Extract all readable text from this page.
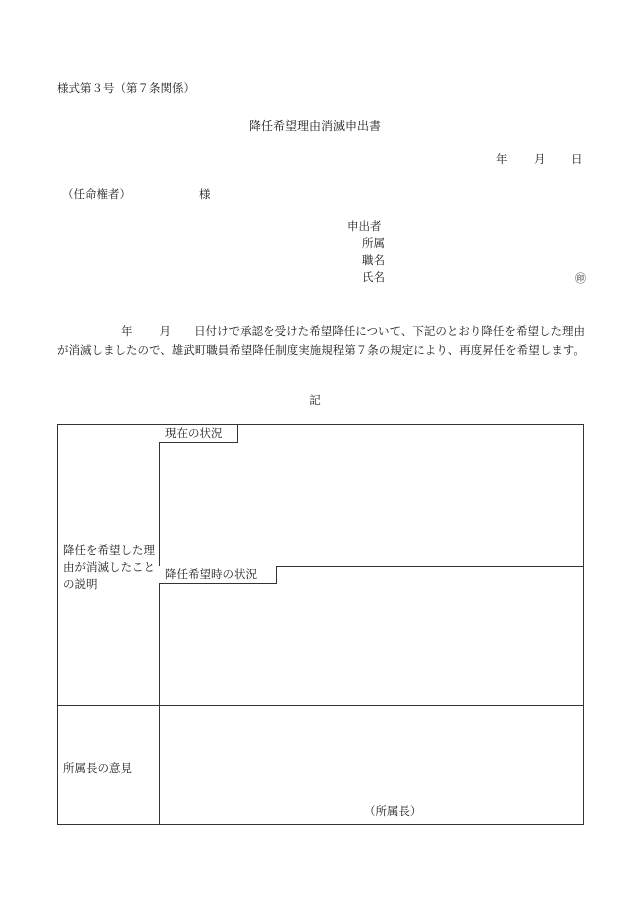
様式第３号（第７条関係）
降任希望理由消滅申出書
年 月 日
（任命権者）	様
申出者
所属
職名
氏名	㊞
年 月 日付けで承認を受けた希望降任について、下記のとおり降任を希望した理由が消滅しましたので、雄武町職員希望降任制度実施規程第７条の規定により、再度昇任を希望します。
記
降任を希望した理由が消滅したことの説明
現在の状況
降任希望時の状況
所属長の意見
（所属長）
